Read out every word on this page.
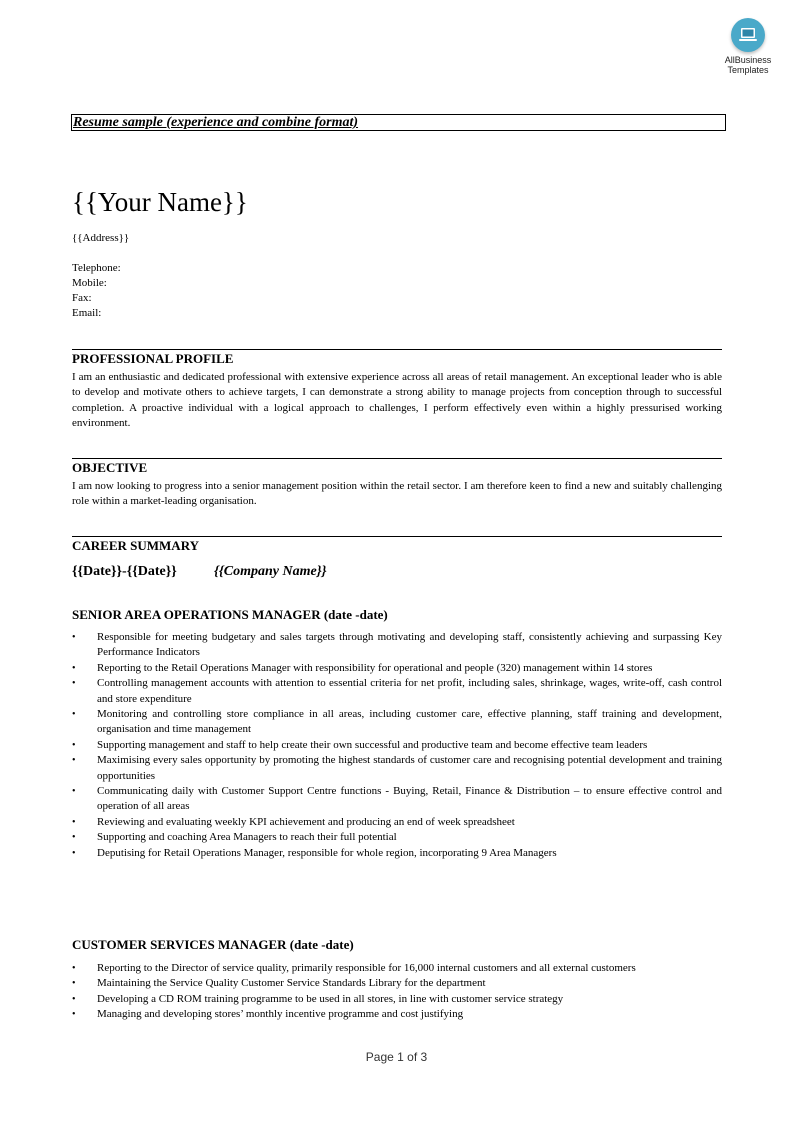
AllBusiness
Templates
Resume sample (experience and combine format)
{{Your Name}}
{{Address}}
Telephone:
Mobile:
Fax:
Email:
PROFESSIONAL PROFILE
I am an enthusiastic and dedicated professional with extensive experience across all areas of retail management. An exceptional leader who is able to develop and motivate others to achieve targets, I can demonstrate a strong ability to manage projects from conception through to successful completion. A proactive individual with a logical approach to challenges, I perform effectively even within a highly pressurised working environment.
OBJECTIVE
I am now looking to progress into a senior management position within the retail sector. I am therefore keen to find a new and suitably challenging role within a market-leading organisation.
CAREER SUMMARY
{{Date}}-{{Date}}	{{Company Name}}
SENIOR AREA OPERATIONS MANAGER (date -date)
• Responsible for meeting budgetary and sales targets through motivating and developing staff, consistently achieving and surpassing Key Performance Indicators
• Reporting to the Retail Operations Manager with responsibility for operational and people (320) management within 14 stores
• Controlling management accounts with attention to essential criteria for net profit, including sales, shrinkage, wages, write-off, cash control and store expenditure
• Monitoring and controlling store compliance in all areas, including customer care, effective planning, staff training and development, organisation and time management
• Supporting management and staff to help create their own successful and productive team and become effective team leaders
• Maximising every sales opportunity by promoting the highest standards of customer care and recognising potential development and training opportunities
• Communicating daily with Customer Support Centre functions - Buying, Retail, Finance & Distribution – to ensure effective control and operation of all areas
• Reviewing and evaluating weekly KPI achievement and producing an end of week spreadsheet
• Supporting and coaching Area Managers to reach their full potential
• Deputising for Retail Operations Manager, responsible for whole region, incorporating 9 Area Managers
CUSTOMER SERVICES MANAGER (date -date)
• Reporting to the Director of service quality, primarily responsible for 16,000 internal customers and all external customers
• Maintaining the Service Quality Customer Service Standards Library for the department
• Developing a CD ROM training programme to be used in all stores, in line with customer service strategy
• Managing and developing stores’ monthly incentive programme and cost justifying
Page 1 of 3
